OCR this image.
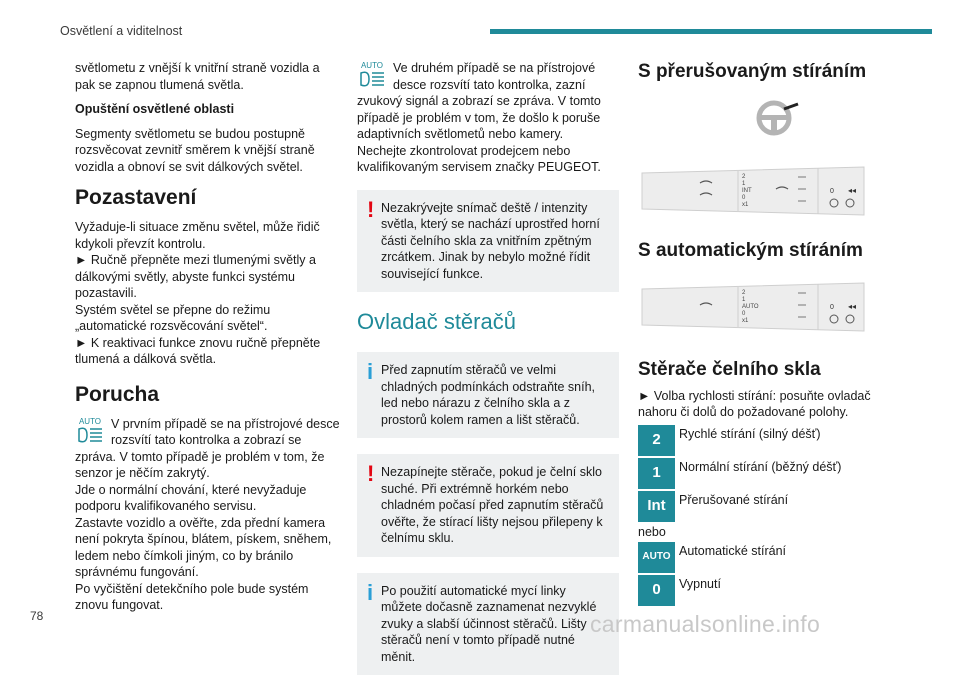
Osvětlení a viditelnost

světlometu z vnější k vnitřní straně vozidla a pak se zapnou tlumená světla.

Opuštění osvětlené oblasti

Segmenty světlometu se budou postupně rozsvěcovat zevnitř směrem k vnější straně vozidla a obnoví se svit dálkových světel.

Pozastavení
Vyžaduje-li situace změnu světel, může řidič kdykoli převzít kontrolu.
► Ručně přepněte mezi tlumenými světly a dálkovými světly, abyste funkci systému pozastavili.
Systém světel se přepne do režimu „automatické rozsvěcování světel“.
► K reaktivaci funkce znovu ručně přepněte tlumená a dálková světla.
Porucha
AUTO V prvním případě se na přístrojové desce rozsvítí tato kontrolka a zobrazí se zpráva. V tomto případě je problém v tom, že senzor je něčím zakrytý.
Jde o normální chování, které nevyžaduje podporu kvalifikovaného servisu.
Zastavte vozidlo a ověřte, zda přední kamera není pokryta špínou, blátem, pískem, sněhem, ledem nebo čímkoli jiným, co by bránilo správnému fungování.
Po vyčištění detekčního pole bude systém znovu fungovat.
AUTO Ve druhém případě se na přístrojové desce rozsvítí tato kontrolka, zazní zvukový signál a zobrazí se zpráva. V tomto případě je problém v tom, že došlo k poruše adaptivních světlometů nebo kamery.
Nechejte zkontrolovat prodejcem nebo kvalifikovaným servisem značky PEUGEOT.
! Nezakrývejte snímač deště / intenzity světla, který se nachází uprostřed horní části čelního skla za vnitřním zpětným zrcátkem. Jinak by nebylo možné řídit související funkce.
Ovladač stěračů
i Před zapnutím stěračů ve velmi chladných podmínkách odstraňte sníh, led nebo nárazu z čelního skla a z prostorů kolem ramen a lišt stěračů.
! Nezapínejte stěrače, pokud je čelní sklo suché. Při extrémně horkém nebo chladném počasí před zapnutím stěračů ověřte, že stírací lišty nejsou přilepeny k čelnímu sklu.
i Po použití automatické mycí linky můžete dočasně zaznamenat nezvyklé zvuky a slabší účinnost stěračů. Lišty stěračů není v tomto případě nutné měnit.
S přerušovaným stíráním
2
1
INT
0
x1
0 ◂◂
S automatickým stíráním
2
1
AUTO
0
x1
0 ◂◂
Stěrače čelního skla
► Volba rychlosti stírání: posuňte ovladač nahoru či dolů do požadované polohy.
2	Rychlé stírání (silný déšť)
1	Normální stírání (běžný déšť)
Int	Přerušované stírání
nebo
AUTO Automatické stírání
0	Vypnutí
78	carmanualsonline.info
